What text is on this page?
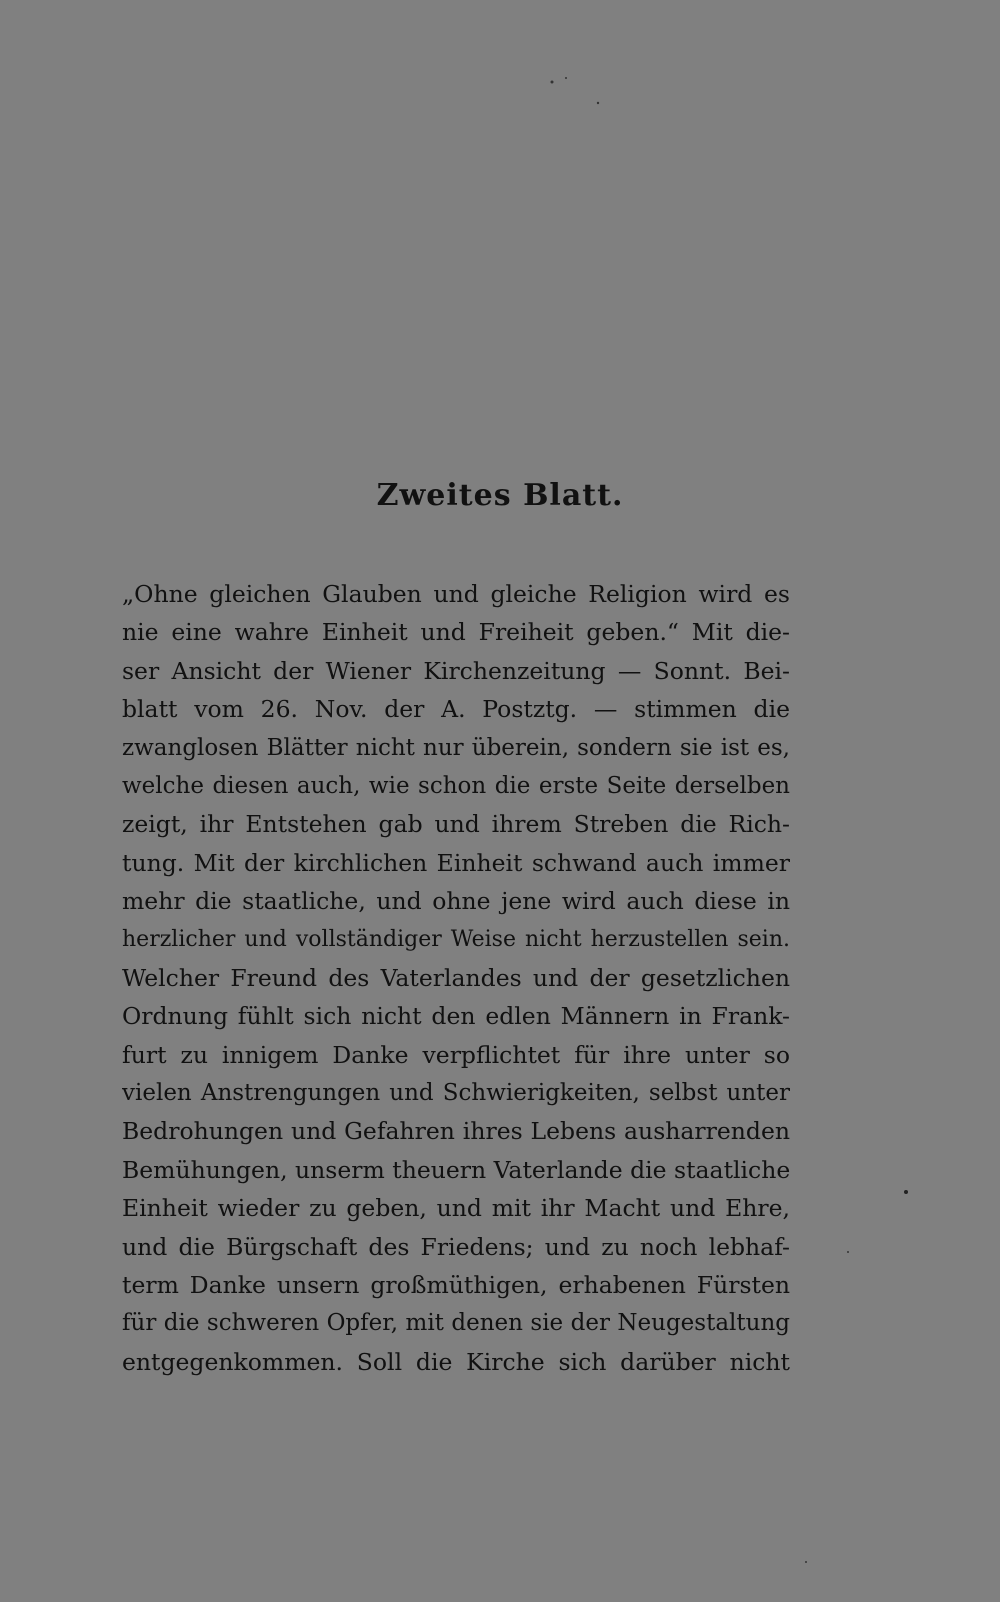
Zweites Blatt.
„Ohne gleichen Glauben und gleiche Religion wird es
nie eine wahre Einheit und Freiheit geben.“ Mit die-
ser Ansicht der Wiener Kirchenzeitung — Sonnt. Bei-
blatt vom 26. Nov. der A. Postztg. — stimmen die
zwanglosen Blätter nicht nur überein, sondern sie ist es,
welche diesen auch, wie schon die erste Seite derselben
zeigt, ihr Entstehen gab und ihrem Streben die Rich-
tung. Mit der kirchlichen Einheit schwand auch immer
mehr die staatliche, und ohne jene wird auch diese in
herzlicher und vollständiger Weise nicht herzustellen sein.
Welcher Freund des Vaterlandes und der gesetzlichen
Ordnung fühlt sich nicht den edlen Männern in Frank-
furt zu innigem Danke verpflichtet für ihre unter so
vielen Anstrengungen und Schwierigkeiten, selbst unter
Bedrohungen und Gefahren ihres Lebens ausharrenden
Bemühungen, unserm theuern Vaterlande die staatliche
Einheit wieder zu geben, und mit ihr Macht und Ehre,
und die Bürgschaft des Friedens; und zu noch lebhaf-
term Danke unsern großmüthigen, erhabenen Fürsten
für die schweren Opfer, mit denen sie der Neugestaltung
entgegenkommen. Soll die Kirche sich darüber nicht
